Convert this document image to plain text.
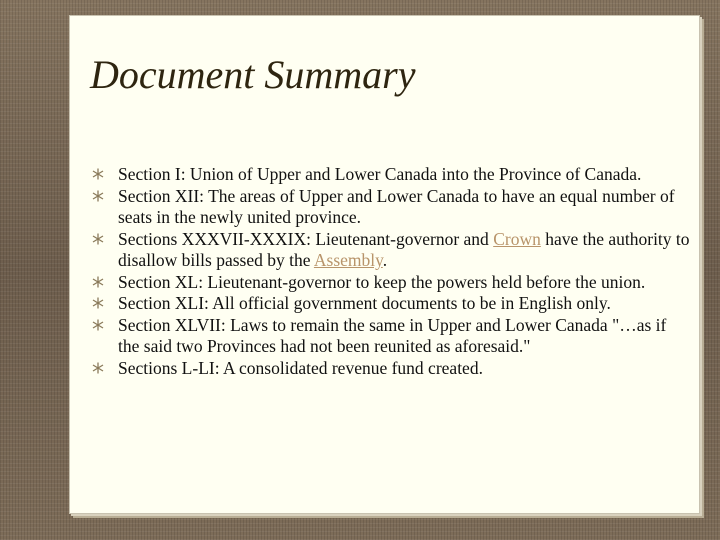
Document Summary
Section I: Union of Upper and Lower Canada into the Province of Canada.
Section XII: The areas of Upper and Lower Canada to have an equal number of seats in the newly united province.
Sections XXXVII-XXXIX: Lieutenant-governor and Crown have the authority to disallow bills passed by the Assembly.
Section XL: Lieutenant-governor to keep the powers held before the union.
Section XLI: All official government documents to be in English only.
Section XLVII: Laws to remain the same in Upper and Lower Canada "…as if the said two Provinces had not been reunited as aforesaid."
Sections L-LI: A consolidated revenue fund created.
